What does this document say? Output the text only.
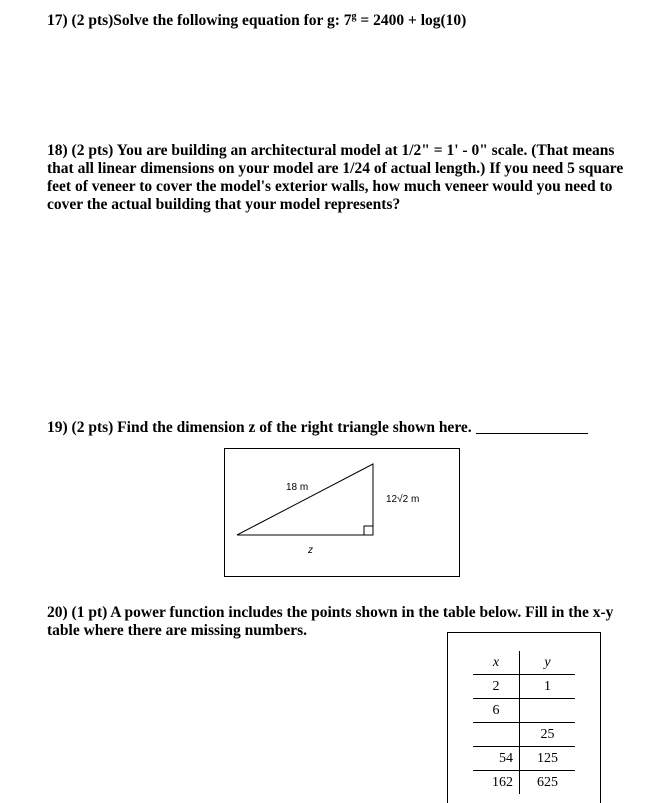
17) (2 pts)Solve the following equation for g: $7^g = 2400 + \log(10)$
18) (2 pts) You are building an architectural model at 1/2" = 1' - 0" scale. (That means
that all linear dimensions on your model are 1/24 of actual length.) If you need 5 square
feet of veneer to cover the model's exterior walls, how much veneer would you need to
cover the actual building that your model represents?
19) (2 pts) Find the dimension z of the right triangle shown here.
18 m
12√2 m
z
20) (1 pt) A power function includes the points shown in the table below. Fill in the x-y
table where there are missing numbers.
x	y
2	1
6	
	25
54	125
162	625
